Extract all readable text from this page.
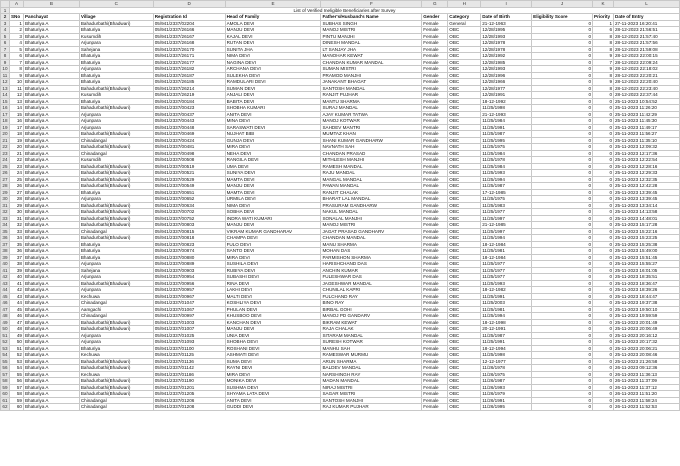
	A	B	C	D	E	F	G	H	I	J	K	L
1	List of Verified Ineligible Beneficiaries after Survey											
2	SNo	Panchayat	Village	Registration Id	Head of Family	Father's/Husband's Name	Gender	Category	Date of Birth	Eligibility Score	Priority	Date of Entry
3	1	Bhaturiya A	Bahadurbathi(Bhadwari)	05/941/2337/02204	AMOLA DEVI	SUBHAS SINGH	Female	General	21-12-1963	0	1	27-11-2023 16:20:41
4	2	Bhaturiya A	Bhaturiya	05/941/2337/26166	MANJU DEVI	MANOJ MISTRI	Female	OBC	12/28/1995	0	6	28-12-2023 21:56:51
5	3	Bhaturiya A	Kusumdih	05/941/2337/26167	KAJAL DEVI	PINTU MANJHI	Female	OBC	12/28/1993	0	8	28-12-2023 21:57:40
6	4	Bhaturiya A	Arjunpara	05/941/2337/26168	RUTAN DEVI	DINESH MANDAL	Female	OBC	12/28/1978	0	8	28-12-2023 21:57:56
7	5	Bhaturiya A	Sahejana	05/941/2337/26170	SUNITA JHA	LT SANJAY JHA	Female	OBC	12/28/1978	0	8	28-12-2023 21:59:08
8	6	Bhaturiya A	Bhaturiya	05/941/2337/26171	NIMA DEVI	MANOHAR KEWAT	Female	OBC	12/28/1992	0	9	28-12-2023 22:00:15
9	7	Bhaturiya A	Bhaturiya	05/941/2337/26177	NAGINA DEVI	CHANDAN KUMAR MANDAL	Female	OBC	12/28/1985	0	7	28-12-2023 22:09:24
10	8	Bhaturiya A	Arjunpara	05/941/2337/26182	ARCHANA DEVI	SUMAN MISTRI	Female	OBC	12/28/1993	0	9	28-12-2023 22:18:02
11	9	Bhaturiya A	Bhaturiya	05/941/2337/26187	SULEKHA DEVI	PRAMOD MANJHI	Female	OBC	12/28/1996	0	8	28-12-2023 22:20:21
12	10	Bhaturiya A	Bhaturiya	05/941/2337/26185	RAMDULARI DEVI	JANAKANT BHAGAT	Female	OBC	12/28/1966	0	9	28-12-2023 22:20:40
13	11	Bhaturiya A	Bahadurbathi(Bhadwari)	05/941/2337/26214	SUMAN DEVI	SANTOSH MANDAL	Female	OBC	12/28/1977	0	8	28-12-2023 22:23:40
14	12	Bhaturiya A	Kusumdih	05/941/2337/26219	ANJALI DEVI	RANJIT PUJHAR	Female	OBC	12/28/1991	0	0	28-12-2023 22:37:44
15	13	Bhaturiya A	Bhaturiya	05/941/2337/00184	BABITA DEVI	MANTU SHARMA	Female	OBC	18-12-1992	0	0	25-11-2023 10:54:52
16	14	Bhaturiya A	Bahadurbathi(Bhadwari)	05/941/2337/00423	SHOBHA KUMARI	SURAJ MANDAL	Female	OBC	11/25/1998	0	0	25-11-2023 11:26:20
17	15	Bhaturiya A	Arjunpara	05/941/2337/00437	ANITA DEVI	AJAY KUMAR TATWA	Female	OBC	21-12-1993	0	0	25-11-2023 11:42:29
18	16	Bhaturiya A	Arjunpara	05/941/2337/00443	MINA DEVI	MANOJ KOTWAR	Female	OBC	11/25/1984	0	0	25-11-2023 11:45:30
19	17	Bhaturiya A	Arjunpara	05/941/2337/00448	SARASWATI DEVI	SAHDEV MANTRI	Female	OBC	11/25/1991	0	0	25-11-2023 11:49:17
20	18	Bhaturiya A	Bahadurbathi(Bhadwari)	05/941/2337/00469	NUJHAT BIBI	MUMTAZ KHAN	Female	OBC	11/25/1987	0	0	25-11-2023 11:56:27
21	19	Bhaturiya A	Chinadangal	05/941/2337/00424	GUNJA DEVI	SHANI KUMAR GANDHARW	Female	OBC	11/25/1995	0	0	25-11-2023 11:35:10
22	20	Bhaturiya A	Bahadurbathi(Bhadwari)	05/941/2337/00481	MIRA DEVI	NAVNATH SAH	Female	OBC	11/25/1975	0	0	25-11-2023 12:09:32
23	21	Bhaturiya A	Chinadangal	05/941/2337/00498	NEHA DEVI	CHANDAN PRASAD	Female	OBC	11/25/1984	0	0	25-11-2023 12:17:36
24	22	Bhaturiya A	Kusumdih	05/941/2337/00508	RANGILA DEVI	MITHLESH MANJHI	Female	OBC	11/25/1978	0	0	25-11-2023 12:22:54
25	23	Bhaturiya A	Bahadurbathi(Bhadwari)	05/941/2337/00519	UMA DEVI	RAMESH MANDAL	Female	OBC	11/25/1984	0	0	25-11-2023 12:28:16
26	24	Bhaturiya A	Bahadurbathi(Bhadwari)	05/941/2337/00521	SUNIYA DEVI	RAJU MANDAL	Female	OBC	11/25/1993	0	0	25-11-2023 12:29:33
27	25	Bhaturiya A	Bahadurbathi(Bhadwari)	05/941/2337/00529	MAMTA DEVI	MANGAL MANDAL	Female	OBC	11/25/1994	0	0	25-11-2023 12:32:35
28	26	Bhaturiya A	Bahadurbathi(Bhadwari)	05/941/2337/00549	MANJU DEVI	PAWAN MANDAL	Female	OBC	11/25/1987	0	0	25-11-2023 12:42:28
29	27	Bhaturiya A	Bhaturiya	05/941/2337/00651	MAMTA DEVI	RANJIT CHALAK	Female	OBC	17-12-1985	0	0	25-11-2023 13:39:45
30	28	Bhaturiya A	Arjunpara	05/941/2337/00652	URMILA DEVI	BHARAT LAL MANDAL	Female	OBC	11/25/1975	0	0	25-11-2023 13:39:45
31	29	Bhaturiya A	Bahadurbathi(Bhadwari)	05/941/2337/00634	NIMA DEVI	PRASURAM GANDHARW	Female	OBC	11/25/1983	0	0	25-11-2023 13:34:14
32	30	Bhaturiya A	Bahadurbathi(Bhadwari)	05/941/2337/00702	SOBHA DEVI	NAKUL MANDAL	Female	OBC	11/25/1977	0	0	25-11-2023 14:13:58
33	31	Bhaturiya A	Bahadurbathi(Bhadwari)	05/941/2337/00752	INDRA WATI KUMARI	SONALAL MANJHI	Female	OBC	11/25/1997	0	0	25-11-2023 14:48:01
34	32	Bhaturiya A	Bahadurbathi(Bhadwari)	05/941/2337/00803	MANJU DEVI	MANOJ MISTRI	Female	OBC	21-12-1985	0	0	25-11-2023 15:17:28
35	33	Bhaturiya A	Chinadangal	05/941/2337/00815	VIKRAM KUMAR GANDHARAV	JAGAT PRASAD GANDHARV	Female	OBC	11/25/1997	0	0	25-11-2023 15:22:16
36	34	Bhaturiya A	Bahadurbathi(Bhadwari)	05/941/2337/00818	CHAMPA DEVI	CHANDAN MANDAL	Female	OBC	11/25/1994	0	0	25-11-2023 15:23:25
37	35	Bhaturiya A	Bhaturiya	05/941/2337/00823	FULO DEVI	MANU SHARMA	Female	OBC	18-12-1984	0	0	25-11-2023 15:25:38
38	36	Bhaturiya A	Bhaturiya	05/941/2337/00874	SANTO DEVI	MOHAN DAS	Female	OBC	11/25/1981	0	0	25-11-2023 15:49:00
39	37	Bhaturiya A	Bhaturiya	05/941/2337/00880	MIRA DEVI	PARMISHON SHARMA	Female	OBC	18-12-1984	0	0	25-11-2023 15:51:45
40	38	Bhaturiya A	Arjunpara	05/941/2337/00889	SUSHILA DEVI	HARISHCHAND DAS	Female	OBC	11/25/1977	0	0	25-11-2023 15:55:27
41	39	Bhaturiya A	Sahejana	05/941/2337/00903	RUBIYA DEVI	ANCHIN KUMAR	Female	OBC	11/25/1977	0	0	25-11-2023 16:01:05
42	40	Bhaturiya A	Arjunpara	05/941/2337/00954	SUBASHI DEVI	FULESHWAR DAS	Female	OBC	11/25/1977	0	0	25-11-2023 18:35:51
43	41	Bhaturiya A	Bahadurbathi(Bhadwari)	05/941/2337/00956	RINA DEVI	JAGESHWAR MANDAL	Female	OBC	11/25/1993	0	0	25-11-2023 18:36:47
44	42	Bhaturiya A	Arjunpara	05/941/2337/00957	LAKHI DEVI	CHUNILAL KAPRI	Female	OBC	18-12-1982	0	0	25-11-2023 18:39:26
45	43	Bhaturiya A	Kechuwa	05/941/2337/00967	MALTI DEVI	FULCHAND RAY	Female	OBC	11/25/1991	0	0	25-11-2023 18:44:47
46	44	Bhaturiya A	Chinadangal	05/941/2337/01047	KOSHLIYA DEVI	BINO RAY	Female	OBC	11/25/2003	0	0	25-11-2023 19:37:38
47	45	Bhaturiya A	Aamgachi	05/941/2337/01067	PHULAN DEVI	BIRBAL GOHI	Female	OBC	11/25/1981	0	0	25-11-2023 19:50:10
48	46	Bhaturiya A	Chinadangal	05/941/2337/00997	KHUSBOO DEVI	MANOJ PD GANDARV	Female	OBC	11/25/1994	0	0	25-11-2023 19:59:59
49	47	Bhaturiya A	Bahadurbathi(Bhadwari)	05/941/2337/01003	KANCHAN DEVI	BIKRAM KEWAT	Female	OBC	18-12-1998	0	0	25-11-2023 20:01:49
50	48	Bhaturiya A	Bahadurbathi(Bhadwari)	05/941/2337/01007	MANJU DEVI	RAJA CHALAK	Female	OBC	20-12-1991	0	0	25-11-2023 20:06:49
51	49	Bhaturiya A	Arjunpara	05/941/2337/01025	UNIA DEVI	SITARAM MANDAL	Female	OBC	11/25/1987	0	0	25-11-2023 20:16:12
52	50	Bhaturiya A	Arjunpara	05/941/2337/01093	SHOBHA DEVI	SURESH KOTWAR	Female	OBC	11/25/1991	0	0	25-11-2023 20:17:32
53	51	Bhaturiya A	Bhaturiya	05/941/2337/01100	ROSHANI DEVI	MANHU SAH	Female	OBC	18-12-1994	0	0	25-11-2023 20:06:21
54	52	Bhaturiya A	Kechuwa	05/941/2337/01125	ASHMATI DEVI	RAMESWAR MURMU	Female	OBC	11/25/1998	0	0	25-11-2023 20:08:46
55	53	Bhaturiya A	Bahadurbathi(Bhadwari)	05/941/2337/01136	SUMA DEVI	ARUN SHARMA	Female	OBC	12-12-1977	0	0	25-11-2023 21:26:58
56	54	Bhaturiya A	Bahadurbathi(Bhadwari)	05/941/2337/01142	RAYNI DEVI	BALDEV MANDAL	Female	OBC	11/26/1978	0	0	26-11-2023 09:12:36
57	55	Bhaturiya A	Kechuwa	05/941/2337/01186	MIRA DEVI	NARSHINGH RAY	Female	OBC	11/26/1975	0	0	26-11-2023 11:36:13
58	56	Bhaturiya A	Bahadurbathi(Bhadwari)	05/941/2337/01190	MONIKA DEVI	MADAN MANDAL	Female	OBC	11/26/1987	0	0	26-11-2023 11:37:09
59	57	Bhaturiya A	Bahadurbathi(Bhadwari)	05/941/2337/01201	SUSHMA DEVI	NIRAJ MISTRI	Female	OBC	11/26/1993	0	0	26-11-2023 11:37:12
60	58	Bhaturiya A	Bahadurbathi(Bhadwari)	05/941/2337/01205	SHYAMA LATA DEVI	SAGAR MISTRI	Female	OBC	11/26/1979	0	0	26-11-2023 11:51:20
61	59	Bhaturiya A	Chinadangal	05/941/2337/01206	ANITA DEVI	SANTOSH MANJHI	Female	OBC	11/26/1991	0	0	26-11-2023 11:58:24
62	60	Bhaturiya A	Chinadangal	05/941/2337/01208	GUDDI DEVI	RAJ KUMAR PUJHAR	Female	OBC	11/26/1995	0	0	26-11-2023 11:52:53
